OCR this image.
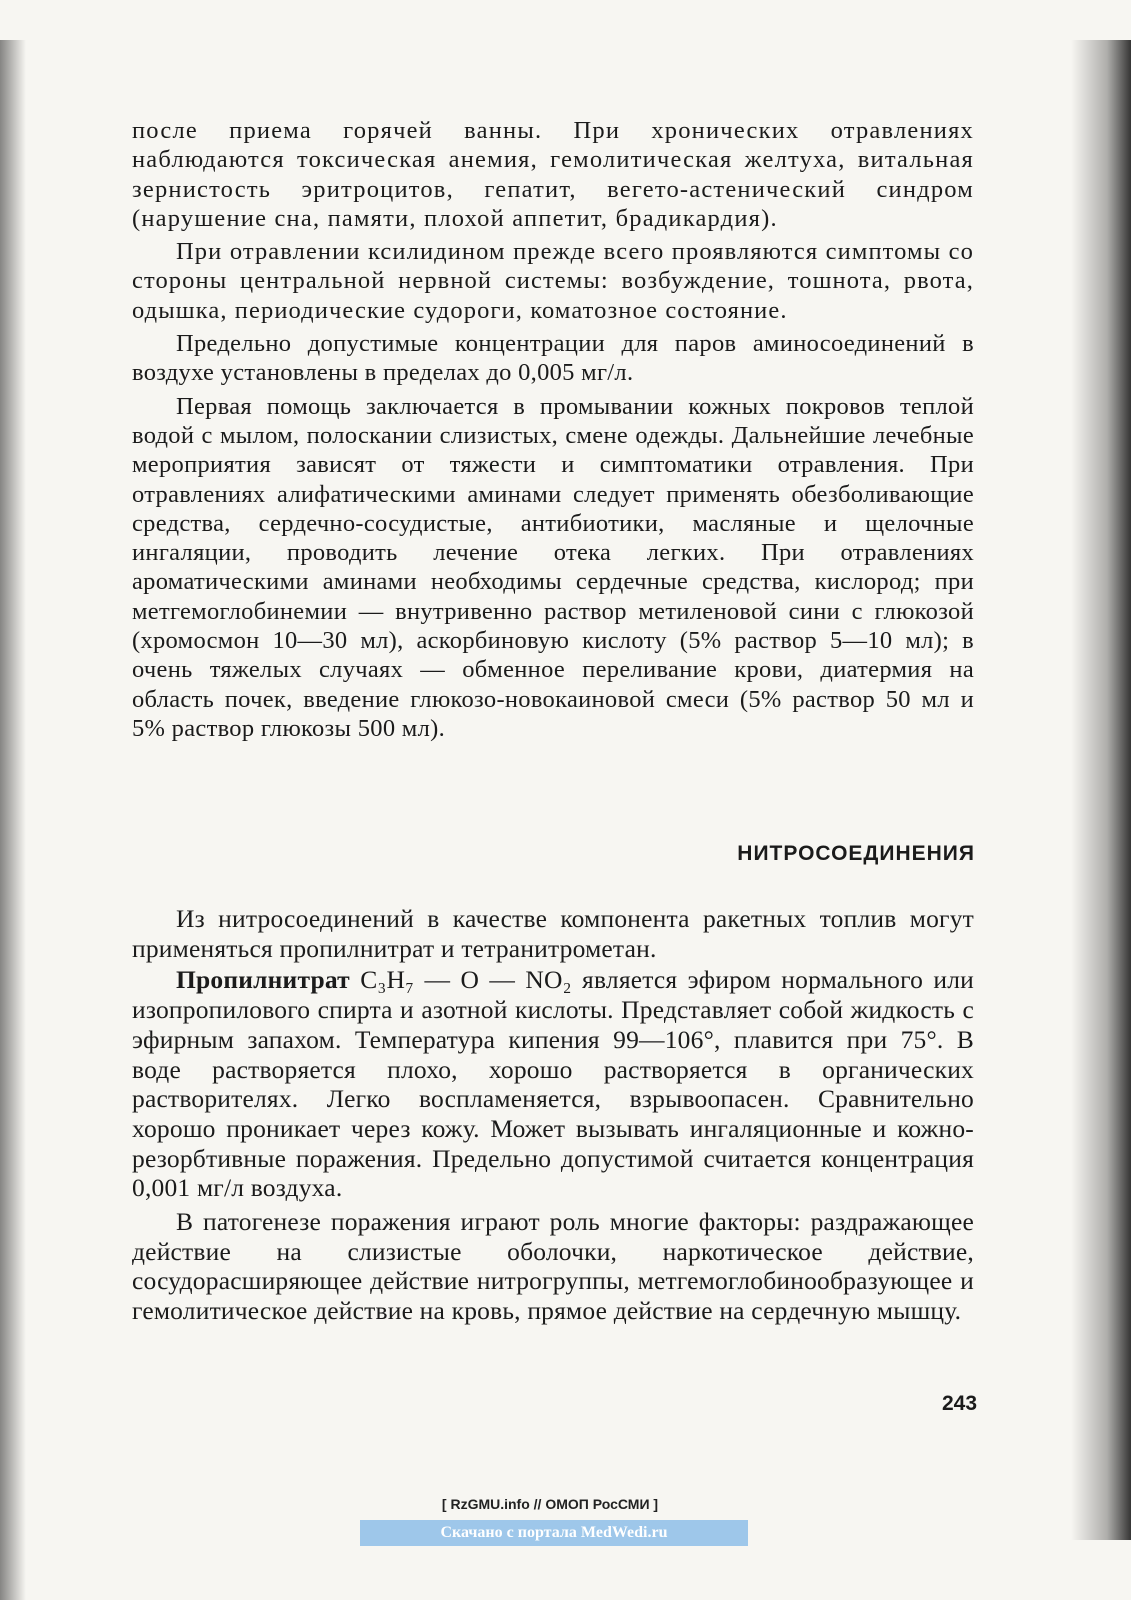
после приема горячей ванны. При хронических отравлениях наблюдаются токсическая анемия, гемолитическая желтуха, витальная зернистость эритроцитов, гепатит, вегето-астенический синдром (нарушение сна, памяти, плохой аппетит, брадикардия).

При отравлении ксилидином прежде всего проявляются симптомы со стороны центральной нервной системы: возбуждение, тошнота, рвота, одышка, периодические судороги, коматозное состояние.

Предельно допустимые концентрации для паров аминосоединений в воздухе установлены в пределах до 0,005 мг/л.

Первая помощь заключается в промывании кожных покровов теплой водой с мылом, полоскании слизистых, смене одежды. Дальнейшие лечебные мероприятия зависят от тяжести и симптоматики отравления. При отравлениях алифатическими аминами следует применять обезболивающие средства, сердечно-сосудистые, антибиотики, масляные и щелочные ингаляции, проводить лечение отека легких. При отравлениях ароматическими аминами необходимы сердечные средства, кислород; при метгемоглобинемии — внутривенно раствор метиленовой сини с глюкозой (хромосмон 10—30 мл), аскорбиновую кислоту (5% раствор 5—10 мл); в очень тяжелых случаях — обменное переливание крови, диатермия на область почек, введение глюкозо-новокаиновой смеси (5% раствор 50 мл и 5% раствор глюкозы 500 мл).

НИТРОСОЕДИНЕНИЯ

Из нитросоединений в качестве компонента ракетных топлив могут применяться пропилнитрат и тетранитрометан.

Пропилнитрат C₃H₇ — O — NO₂ является эфиром нормального или изопропилового спирта и азотной кислоты. Представляет собой жидкость с эфирным запахом. Температура кипения 99—106°, плавится при 75°. В воде растворяется плохо, хорошо растворяется в органических растворителях. Легко воспламеняется, взрывоопасен. Сравнительно хорошо проникает через кожу. Может вызывать ингаляционные и кожно-резорбтивные поражения. Предельно допустимой считается концентрация 0,001 мг/л воздуха.

В патогенезе поражения играют роль многие факторы: раздражающее действие на слизистые оболочки, наркотическое действие, сосудорасширяющее действие нитрогруппы, метгемоглобинообразующее и гемолитическое действие на кровь, прямое действие на сердечную мышцу.

243
[ RzGMU.info // ОМОП РосСМИ ]
Скачано с портала MedWedi.ru
